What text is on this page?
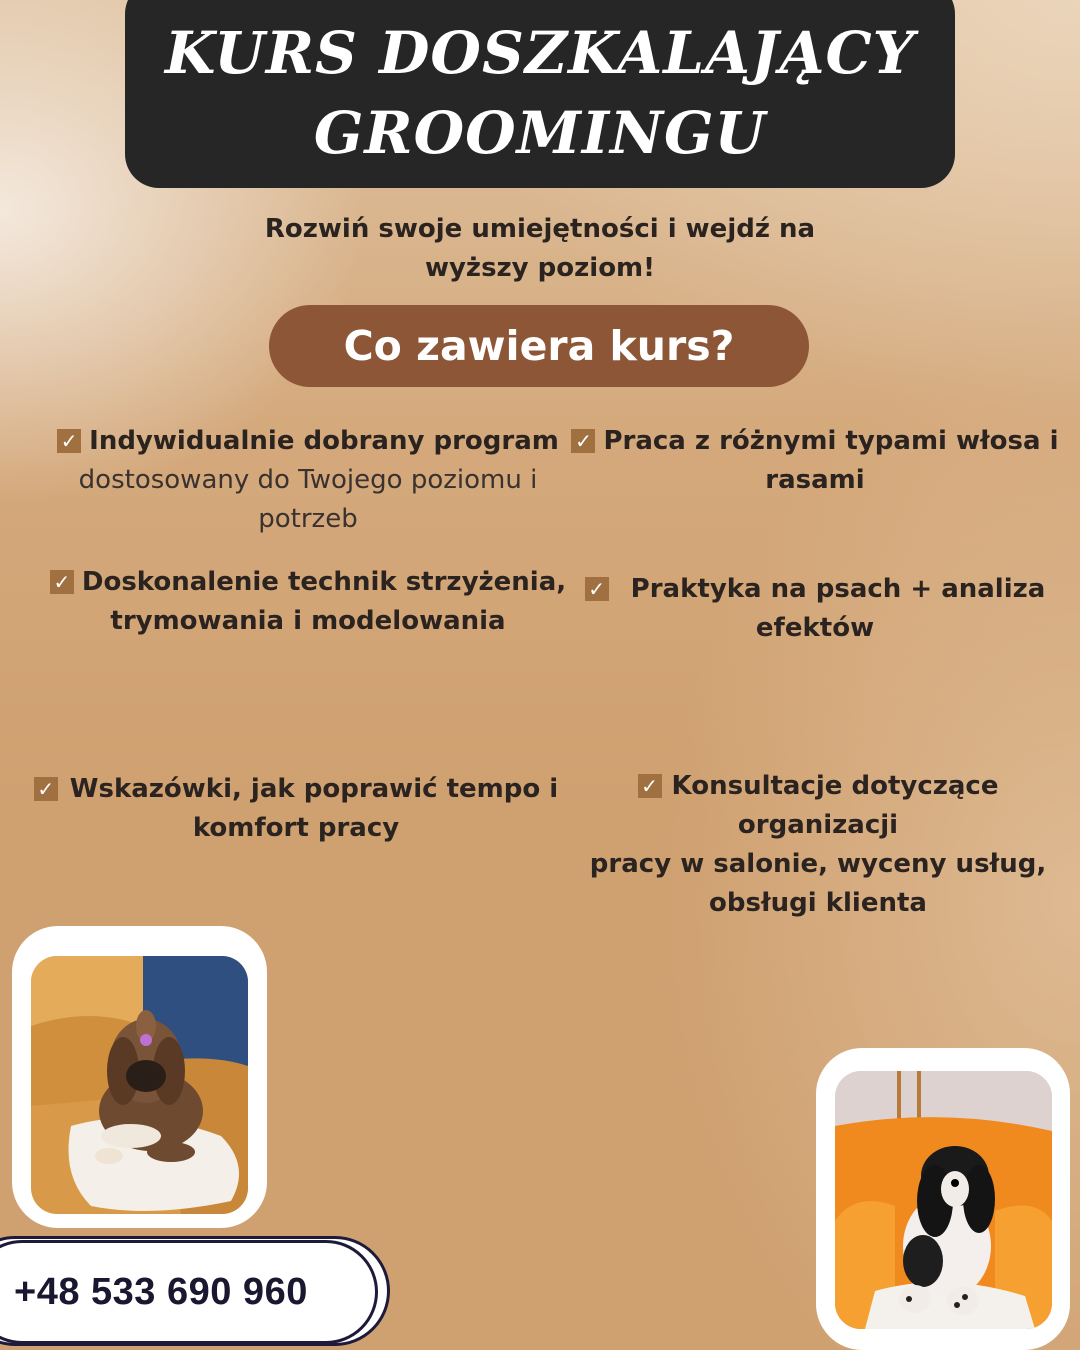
KURS DOSZKALAJĄCY
GROOMINGU
Rozwiń swoje umiejętności i wejdź na
wyższy poziom!
Co zawiera kurs?
✓ Indywidualnie dobrany program
dostosowany do Twojego poziomu i
potrzeb
✓ Praca z różnymi typami włosa i
rasami
✓ Doskonalenie technik strzyżenia,
trymowania i modelowania
✓ Praktyka na psach + analiza
efektów
✓ Wskazówki, jak poprawić tempo i
komfort pracy
✓ Konsultacje dotyczące organizacji
pracy w salonie, wyceny usług,
obsługi klienta
+48 533 690 960
